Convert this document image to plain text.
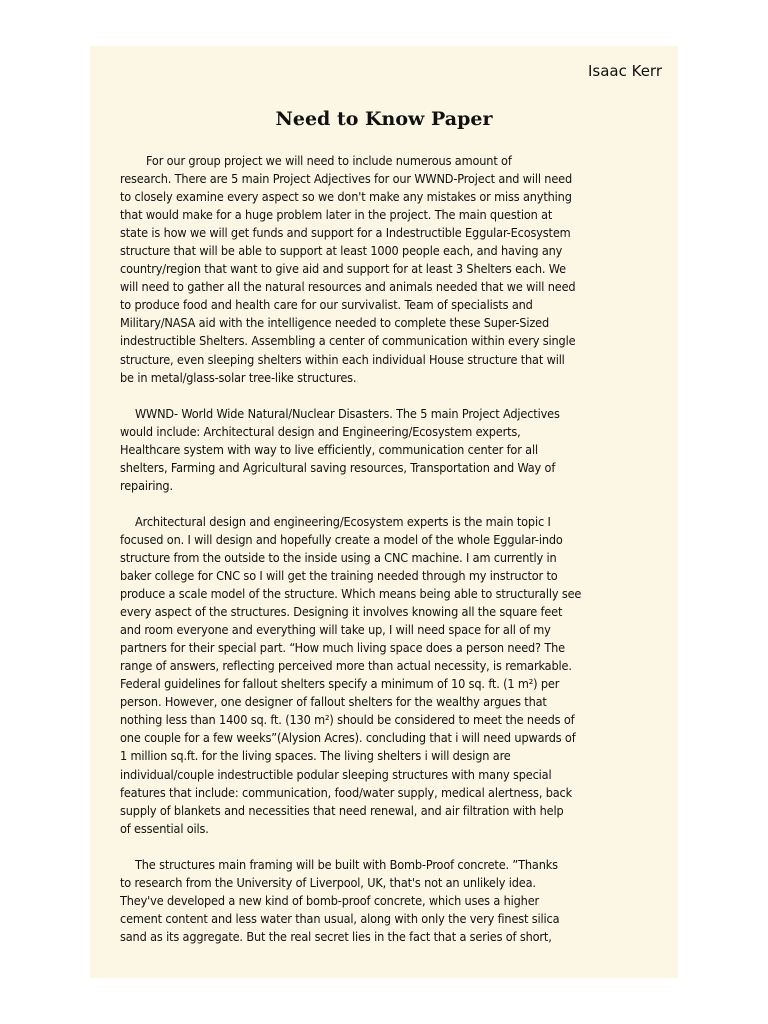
Isaac Kerr
Need to Know Paper
For our group project we will need to include numerous amount of
research. There are 5 main Project Adjectives for our WWND-Project and will need
to closely examine every aspect so we don't make any mistakes or miss anything
that would make for a huge problem later in the project. The main question at
state is how we will get funds and support for a Indestructible Eggular-Ecosystem
structure that will be able to support at least 1000 people each, and having any
country/region that want to give aid and support for at least 3 Shelters each. We
will need to gather all the natural resources and animals needed that we will need
to produce food and health care for our survivalist. Team of specialists and
Military/NASA aid with the intelligence needed to complete these Super-Sized
indestructible Shelters. Assembling a center of communication within every single
structure, even sleeping shelters within each individual House structure that will
be in metal/glass-solar tree-like structures.
WWND- World Wide Natural/Nuclear Disasters. The 5 main Project Adjectives
would include: Architectural design and Engineering/Ecosystem experts,
Healthcare system with way to live efficiently, communication center for all
shelters, Farming and Agricultural saving resources, Transportation and Way of
repairing.
Architectural design and engineering/Ecosystem experts is the main topic I
focused on. I will design and hopefully create a model of the whole Eggular-indo
structure from the outside to the inside using a CNC machine. I am currently in
baker college for CNC so I will get the training needed through my instructor to
produce a scale model of the structure. Which means being able to structurally see
every aspect of the structures. Designing it involves knowing all the square feet
and room everyone and everything will take up, I will need space for all of my
partners for their special part. “How much living space does a person need? The
range of answers, reflecting perceived more than actual necessity, is remarkable.
Federal guidelines for fallout shelters specify a minimum of 10 sq. ft. (1 m²) per
person. However, one designer of fallout shelters for the wealthy argues that
nothing less than 1400 sq. ft. (130 m²) should be considered to meet the needs of
one couple for a few weeks”(Alysion Acres). concluding that i will need upwards of
1 million sq.ft. for the living spaces. The living shelters i will design are
individual/couple indestructible podular sleeping structures with many special
features that include: communication, food/water supply, medical alertness, back
supply of blankets and necessities that need renewal, and air filtration with help
of essential oils.
The structures main framing will be built with Bomb-Proof concrete. ”Thanks
to research from the University of Liverpool, UK, that's not an unlikely idea.
They've developed a new kind of bomb-proof concrete, which uses a higher
cement content and less water than usual, along with only the very finest silica
sand as its aggregate. But the real secret lies in the fact that a series of short,
